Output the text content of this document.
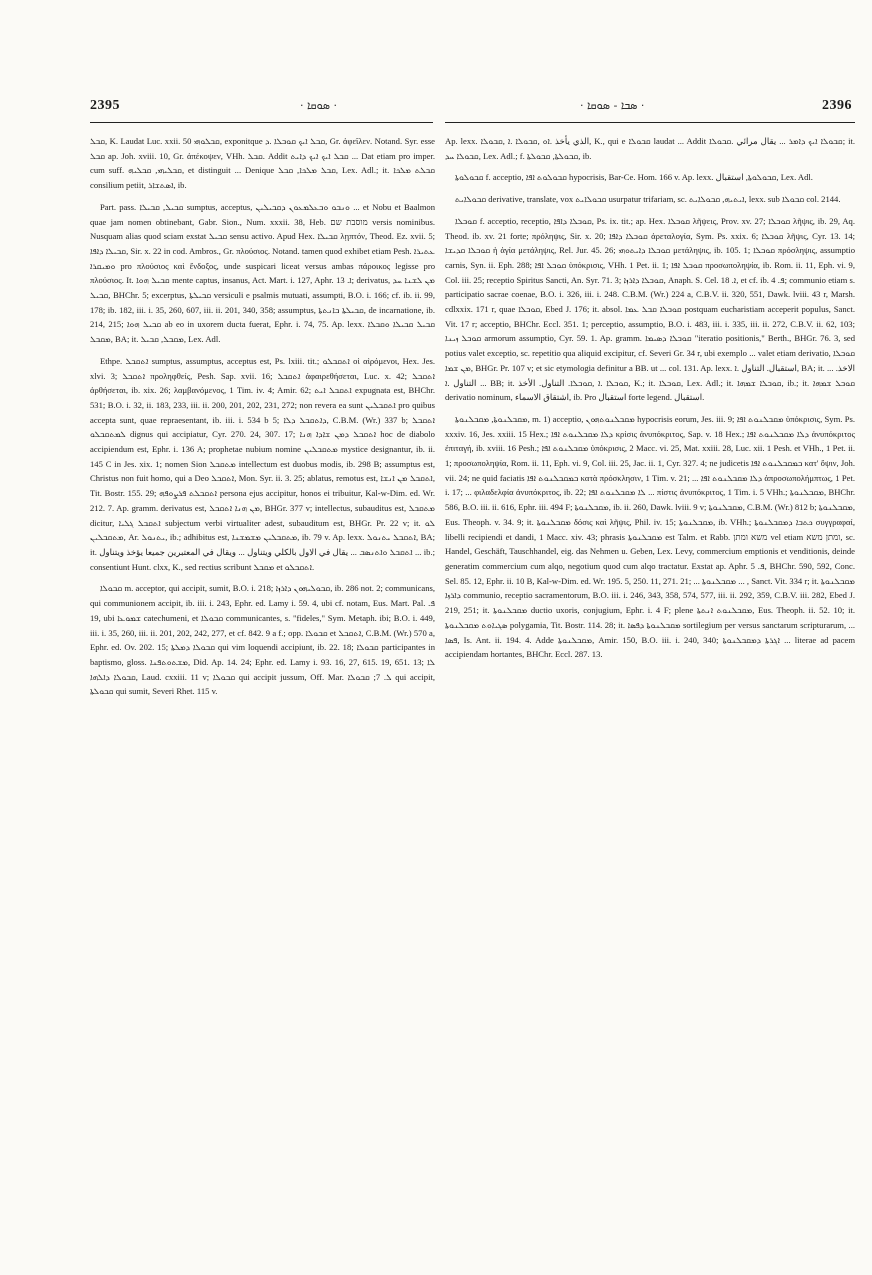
2395	· ܣܘܩܐ ·	· ܣܒܐ - ܣܘܩܐ ·	2396

ܩܒܠ, K. Laudat Luc. xxii. 50 ܩܒܠܘܗܝ, exponitque ܩܒܠ ܐܝܟ ܩܘܒܠܐ .ܕ, Gr. ἀφεῖλεν. Notand. Syr. esse ܩܒܠ ap. Joh. xviii. 10, Gr. ἀπέκοψεν, VHh. ܩܒܠ. Addit ܩܒܠ ܐܝܟ ܐܝܟ ܕܐܝܬ ... Dat etiam pro imper. cum suff. ܩܒܠܝܗܝ, ܩܒܠܝܗ, et distinguit ... Denique ܩܒܠ ܡܠܟܐ, ܩܒܠ, Lex. Adl.; it. ܩܒܠܬ ܡܠܟܐ consilium petiit, ܐܣܬܫܐܪ, ib.

Part. pass. ܩܒܝܠ, ܩܒܝܠܐ sumptus, acceptus, ܘܢܒܘ ܘܒܥܠܡܥܘܢ ܕܩܒܝܠܝܢ ... et Nobu et Baalmon quae jam nomen obtinebant, Gabr. Sion., Num. xxxii. 38, Heb. מוסבת שם versis nominibus. Nusquam alias quod sciam exstat ܩܒܝܠ sensu activo. Apud Hex. ܩܒܝܠܐ λῃπτόν, Theod. Ez. xvii. 5; ܩܒܝܠܐ ܕܐܦܐ, Sir. x. 22 in cod. Ambros., Gr. πλούσιος. Notand. tamen quod exhibet etiam Pesh. ܥܬܝܪܐ ܘܡܝܩܪܐ pro πλούσιος καὶ ἔνδοξος, unde suspicari liceat versus ambas πάροικος legisse pro πλούσιος. It. ܩܒܝܠ ܗܘܐ mente captus, insanus, Act. Mart. i. 127, Aphr. ܐ. 13; derivatus, ܡܢ ܠܫܢܐ ܚܕ ܩܒܝܠ, BHChr. 5; excerptus, ܩܒܝܠܬܐ versiculi e psalmis mutuati, assumpti, B.O. i. 166; cf. ib. ii. 99, 178; ib. 182, iii. i. 35, 260, 607, iii. ii. 201, 340, 358; assumptus, ܩܒܝܠܬܐ ܒܐܢܬܬܐ, de incarnatione, ib. 214, 215; ܩܒܝܠ ܗܘܐ ab eo in uxorem ducta fuerat, Ephr. i. 74, 75. Ap. lexx. ܩܒܝܠ ܩܒܝܠܐ ܘܩܒܠܐ ܡܩܒܠ, BA; it. ܡܩܒܠ, ܩܒܝܠ, Lex. Adl.

Ethpe. ܐܬܩܒܠ sumptus, assumptus, acceptus est, Ps. lxiii. tit.; ܐܬܩܒܠܘ οἱ αἱρόμενοι, Hex. Jes. xlvi. 3; ܐܬܩܒܠ προληφθείς, Pesh. Sap. xvii. 16; ܐܬܩܒܠ ἀφαιρεθήσεται, Luc. x. 42; ܐܬܩܒܠ ἀρθήσεται, ib. xix. 26; λαμβανόμενος, 1 Tim. iv. 4; Amir. 62; ܐܬܩܒܠ ܐܝܬ expugnata est, BHChr. 531; B.O. i. 32, ii. 183, 233, iii. ii. 200, 201, 202, 231, 272; non revera ea sunt ܐܬܩܒܠܝܢ pro quibus accepta sunt, quae repraesentant, ib. iii. i. 534 b 5; ܕܐܬܩܒܠ ܕܠܐ, C.B.M. (Wr.) 337 b; ܐܬܩܒܠ ܠܡܬܩܒܠܘ dignus qui accipiatur, Cyr. 270. 24, 307. 17; ܐܬܩܒܠ ܕܡܢ ܫܐܕܐ ܗܢܐ hoc de diabolo accipiendum est, Ephr. i. 136 A; prophetae nubium nomine ܡܬܩܒܠܝܢ mystice designantur, ib. ii. 145 C in Jes. xix. 1; nomen Sion ܡܬܩܒܠ intellectum est duobus modis, ib. 298 B; assumptus est, Christus non fuit homo, qui a Deo ܐܬܩܒܠ, Mon. Syr. ii. 3. 25; ablatus, remotus est, ܐܬܩܒܠ ܡܢ ܐܢܫܐ, Tit. Bostr. 155. 29; ܐܬܩܒܠܬ ܦܪܨܘܦܗ persona ejus accipitur, honos ei tribuitur, Kal-w-Dim. ed. Wr. 212. 7. Ap. gramm. derivatus est, ܡܢ ܗܢܐ ܐܬܩܒܠ, BHGr. 377 v; intellectus, subauditus est, ܡܬܩܒܠ dicitur, ܐܬܩܒܠ ܓܠܝܐ subjectum verbi virtualiter adest, subauditum est, BHGr. Pr. 22 v; it. ܠܘ ܡܬܩܒܠܝܢ, Ar. ܝܬܢܘܠ, ib.; adhibitus est, ܡܬܩܒܠܝܢ ܡܫܡܫܢܐ, ib. 79 v. Ap. lexx. ܐܬܩܒܠ ܝܬܢܘܠ, BA; it. ܐܬܩܒܠ ܘܐܬܢܣܒ ... يقال في الاول بالكلي ويتناول ... ويقال في المعتبرين جميعا يؤخذ ويتناول ... ib.; consentiunt Hunt. clxx, K., sed rectius scribunt ܡܩܒܠ et ܐܬܩܒܠܘ.

ܩܒܘܠܐ m. acceptor, qui accipit, sumit, B.O. i. 218; ܩܒܘܠܝܗܘܢ ܕܐܪܙܐ, ib. 286 not. 2; communicans, qui communionem accipit, ib. iii. i. 243, Ephr. ed. Lamy i. 59. 4, ubi cf. notam, Eus. Mart. Pal. ܦ. 19, ubi ܫܡܘܥܐ catechumeni, et ܩܒܘܠܐ communicantes, s. "fideles," Sym. Metaph. ibi; B.O. i. 449, iii. i. 35, 260, iii. ii. 201, 202, 242, 277, et cf. 842. 9 a f.; opp. ܩܒܘܠܐ et ܐܬܩܒܠ, C.B.M. (Wr.) 570 a, Ephr. ed. Ov. 202. 15; ܩܒܘܠܐ ܕܡܠܬܐ qui vim loquendi accipiunt, ib. 22. 18; ܩܒܘܠܐ participantes in baptismo, gloss. ܡܫܬܘܬܦܢܐ, Did. Ap. 14. 24; Ephr. ed. Lamy i. 93. 16, 27, 615. 19, 651. 13; ܠܐ ܩܒܘܠܐ ܕܐܠܗܐ, Laud. cxxiii. 11 v; ܩܒܘܠܐ qui accipit jussum, Off. Mar. ܠ. 7; ܩܒܘܠܐ qui accipit, ܩܒܘܠܬܐ qui sumit, Severi Rhet. 115 v.

Ap. lexx. الذي يأخذ .ܐܘ ,ܩܒܘܠܐ .ܐ ,ܩܒܘܠܐ, K., qui e ܩܒܘܠܐ laudat ... Addit ܩܒܘܠܐ ܐܝܟ ܕܐܡܪ ... يقال مرائي .ܩܒܘܠܐ; it. ܩܒܘܠܐ ܚܕ, Lex. Adl.; f. ܩܒܘܠܬܐ, ܩܒܘܠܬܐ, ib.

ܩܒܘܠܘܬܐ f. acceptio, ܩܒܘܠܘܬ ܐܦܐ hypocrisis, Bar-Ce. Hom. 166 v. Ap. lexx. ܩܒܘܠܘܬܐ, استقبال, Lex. Adl.

ܩܒܘܠܐܝܬ derivative, translate, vox ܩܒܘܠܐܝܬ usurpatur trifariam, sc. ܐܝܬܝܗ, ܩܒܘܠܐܝܬ, lexx. sub ܩܒܘܠܐ col. 2144.

ܩܘܒܠܐ f. acceptio, receptio, ܩܘܒܠܐ ܕܐܦܐ, Ps. ix. tit.; ap. Hex. ܩܘܒܠܐ λῆψεις, Prov. xv. 27; ܩܘܒܠܐ λῆψις, ib. 29, Aq. Theod. ib. xv. 21 forte; πρόληψις, Sir. x. 20; ܩܘܒܠܐ ܕܐܦܐ ἀρεταλογία, Sym. Ps. xxix. 6; ܩܘܒܠܐ λῆψις, Cyr. 13. 14; ܩܘܒܠܐ ܩܕܝܫܐ ἡ ἁγία μετάληψις, Rel. Jur. 45. 26; ܩܘܒܠܐ ܕܐܝܬܘܗܝ μετάληψις, ib. 105. 1; ܩܘܒܠܐ πρόσληψις, assumptio carnis, Syn. ii. Eph. 288; ܩܘܒܠ ܐܦܐ ὑπόκρισις, VHh. 1 Pet. ii. 1; ܩܘܒܠ ܐܦܐ προσωποληψία, ib. Rom. ii. 11, Eph. vi. 9, Col. iii. 25; receptio Spiritus Sancti, An. Syr. 71. 3; ܩܘܒܠܐ ܕܐܪܙܐ, Anaph. S. Cel. ܐ. 18, et cf. ib. ܦ. 4; communio etiam s. participatio sacrae coenae, B.O. i. 326, iii. i. 248. C.B.M. (Wr.) 224 a, C.B.V. ii. 320, 551, Dawk. lviii. 43 r, Marsh. cdlxxix. 171 r, quae ܩܘܒܠܐ, Ebed J. 176; it. absol. ܩܘܒܠܐ ܩܒܠ ܥܡܐ postquam eucharistiam acceperit populus, Sanct. Vit. 17 r; acceptio, BHChr. Eccl. 351. 1; perceptio, assumptio, B.O. i. 483, iii. i. 335, iii. ii. 272, C.B.V. ii. 62, 103; ܩܘܒܠ ܙܝܢܐ armorum assumptio, Cyr. 59. 1. Ap. gramm. ܩܘܒܠܐ ܕܣܝܡܐ "iteratio positionis," Berth., BHGr. 76. 3, sed potius valet exceptio, sc. repetitio qua aliquid excipitur, cf. Severi Gr. 34 r, ubi exemplo ... valet etiam derivatio, ܩܘܒܠܐ ܡܢ ܫܡܐ, BHGr. Pr. 107 v; et sic etymologia definitur a BB. ut ... col. 131. Ap. lexx. استقبال. التناول .ܐ, BA; it. ... الاخذ. التناول .ܐ ... BB; it. ܩܘܒܠܐ .ܐ ,ܩܘܒܠܐ. التناول. الأخذ, K.; it. ܩܘܒܠܐ, Lex. Adl.; it. ܩܘܒܠܐ ܫܡܗܐ, ib.; it. ܩܘܒܠ ܫܡܗܐ derivatio nominum, اشتقاق الاسماء, ib. Pro استقبال forte legend. استقبال.

ܡܩܒܠܢܘܬܐ, ܡܩܒܠܢܘܬܐ, m. 1) acceptio, ܡܩܒܠܢܘܬܗܘܢ hypocrisis eorum, Jes. iii. 9; ܡܩܒܠܢܘܬ ܐܦܐ ὑπόκρισις, Sym. Ps. xxxiv. 16, Jes. xxiii. 15 Hex.; ܕܠܐ ܡܩܒܠܢܘܬ ܐܦܐ κρίσις ἀνυπόκριτος, Sap. v. 18 Hex.; ܕܠܐ ܡܩܒܠܢܘܬ ܐܦܐ ἀνυπόκριτος ἐπιταγή, ib. xviii. 16 Pesh.; ܡܩܒܠܢܘܬ ܐܦܐ ὑπόκρισις, 2 Macc. vi. 25, Mat. xxiii. 28, Luc. xii. 1 Pesh. et VHh., 1 Pet. ii. 1; προσωποληψία, Rom. ii. 11, Eph. vi. 9, Col. iii. 25, Jac. ii. 1, Cyr. 327. 4; ne judicetis ܒܡܩܒܠܢܘܬ ܐܦܐ κατ' ὄψιν, Joh. vii. 24; ne quid faciatis ܒܡܩܒܠܢܘܬ ܐܦܐ κατὰ πρόσκλησιν, 1 Tim. v. 21; ... ܕܠܐ ܡܩܒܠܢܘܬ ܐܦܐ ἀπροσωπολήμπτως, 1 Pet. i. 17; ... φιλαδελφία ἀνυπόκριτος, ib. 22; ܠܐ ܡܩܒܠܢܘܬ ܐܦܐ ... πίστις ἀνυπόκριτος, 1 Tim. i. 5 VHh.; ܡܩܒܠܢܘܬܐ, BHChr. 586, B.O. iii. ii. 616, Ephr. iii. 494 F; ܡܩܒܠܢܘܬܐ, ib. ii. 260, Dawk. lviii. 9 v; ܡܩܒܠܢܘܬܐ, C.B.M. (Wr.) 812 b; ܡܩܒܠܢܘܬܐ, Eus. Theoph. v. 34. 9; it. ܡܩܒܠܢܘܬܐ δόσις καὶ λῆψις, Phil. iv. 15; ܡܩܒܠܢܘܬܐ, ib. VHh.; ܟܬܒܐ ܕܡܩܒܠܢܘܬܐ συγγραφαί, libelli recipiendi et dandi, 1 Macc. xiv. 43; phrasis ܡܩܒܠܢܘܬܐ est Talm. et Rabb. משא ומתן vel etiam ומתן משא, sc. Handel, Geschäft, Tauschhandel, eig. das Nehmen u. Geben, Lex. Levy, commercium emptionis et venditionis, deinde generatim commercium cum alqo, negotium quod cum alqo tractatur. Exstat ap. Aphr. ܦ. 5, BHChr. 590, 592, Conc. Sel. 85. 12, Ephr. ii. 10 B, Kal-w-Dim. ed. Wr. 195. 5, 250. 11, 271. 21; ... ܡܩܒܠܢܘܬܐ ... , Sanct. Vit. 334 r; it. ܡܩܒܠܢܘܬܐ ܕܐܪܙܐ communio, receptio sacramentorum, B.O. iii. i. 246, 343, 358, 574, 577, iii. ii. 292, 359, C.B.V. iii. 282, Ebed J. 219, 251; it. ܡܩܒܠܢܘܬܐ ductio uxoris, conjugium, Ephr. i. 4 F; plene ܡܩܒܠܢܘܬ ܐܢܬܬܐ, Eus. Theoph. ii. 52. 10; it. ܣܓܝܐܘܬ ܡܩܒܠܢܘܬܐ polygamia, Tit. Bostr. 114. 28; it. ܡܩܒܠܢܘܬܐ ܕܦܣܐ sortilegium per versus sanctarum scripturarum, ... ܦܣܐ, Is. Ant. ii. 194. 4. Adde ܡܩܒܠܢܘܬܐ, Amir. 150, B.O. iii. i. 240, 340; ܐܓܪܬܐ ܕܡܩܒܠܢܘܬܐ ... literae ad pacem accipiendam hortantes, BHChr. Eccl. 287. 13.
